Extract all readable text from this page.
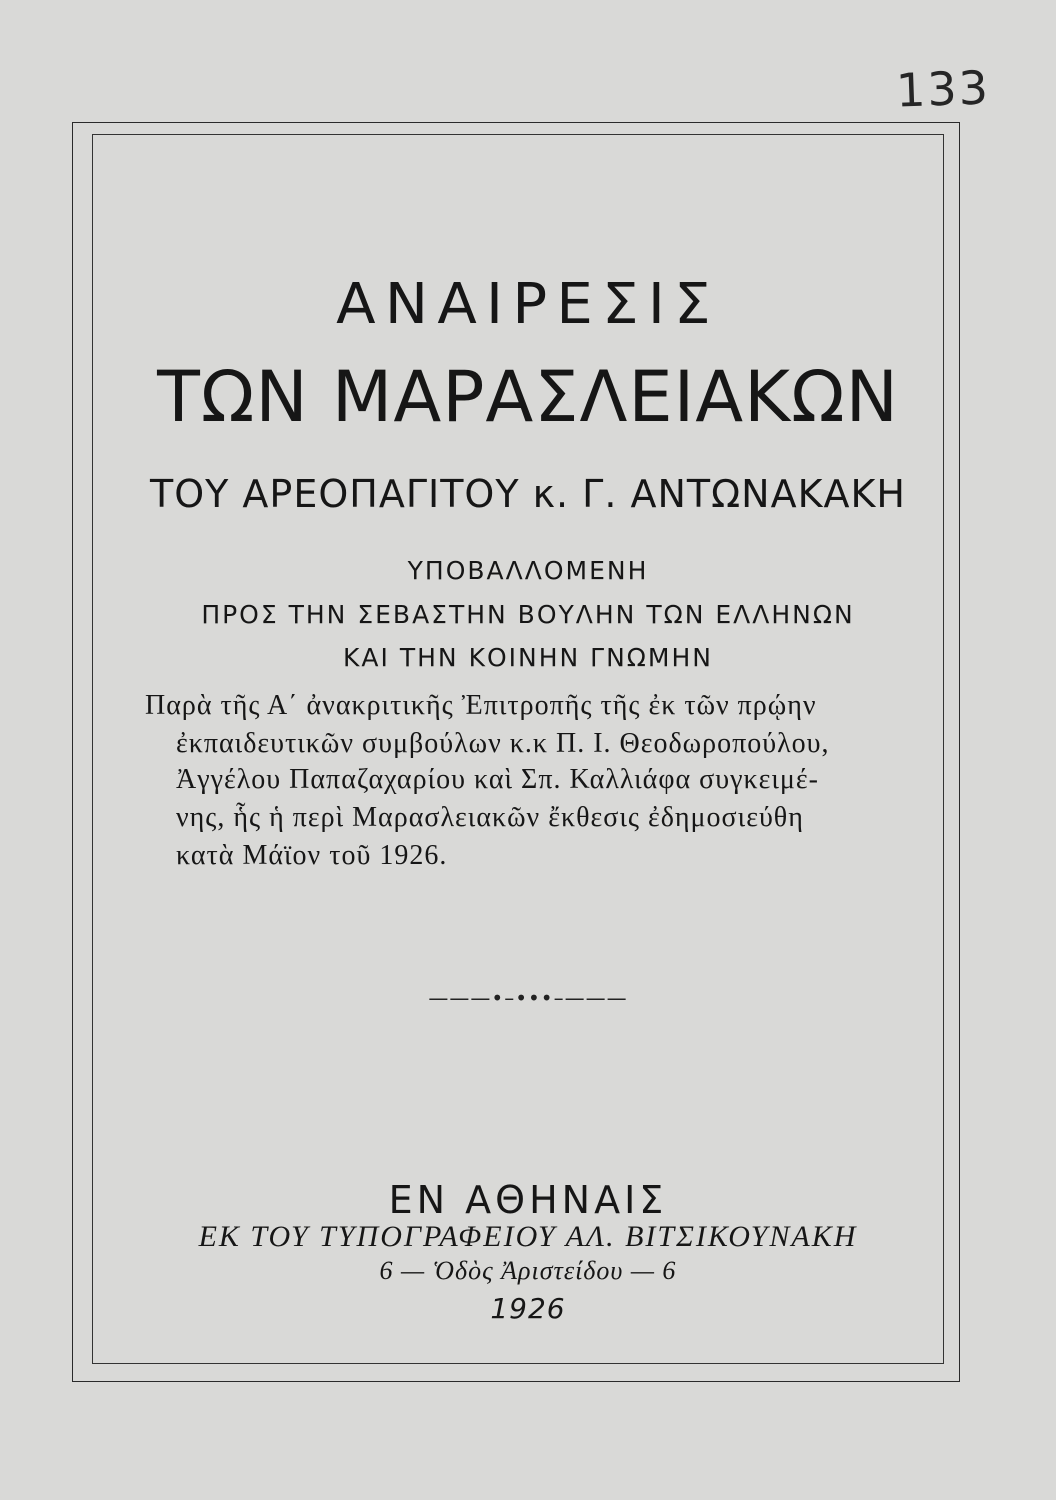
133
ΑΝΑΙΡΕΣΙΣ
ΤΩΝ ΜΑΡΑΣΛΕΙΑΚΩΝ
ΤΟΥ ΑΡΕΟΠΑΓΙΤΟΥ κ. Γ. ΑΝΤΩΝΑΚΑΚΗ
ΥΠΟΒΑΛΛΟΜΕΝΗ
ΠΡΟΣ ΤΗΝ ΣΕΒΑΣΤΗΝ ΒΟΥΛΗΝ ΤΩΝ ΕΛΛΗΝΩΝ
ΚΑΙ ΤΗΝ ΚΟΙΝΗΝ ΓΝΩΜΗΝ
Παρὰ τῆς Α΄ ἀνακριτικῆς Ἐπιτροπῆς τῆς ἐκ τῶν πρῴην
ἐκπαιδευτικῶν συμβούλων κ.κ Π. Ι. Θεοδωροπούλου,
Ἀγγέλου Παπαζαχαρίου καὶ Σπ. Καλλιάφα συγκειμέ-
νης, ἧς ἡ περὶ Μαρασλειακῶν ἔκθεσις ἐδημοσιεύθη
κατὰ Μάϊον τοῦ 1926.
———•–•••–———
ΕΝ ΑΘΗΝΑΙΣ
ΕΚ ΤΟΥ ΤΥΠΟΓΡΑΦΕΙΟΥ ΑΛ. ΒΙΤΣΙΚΟΥΝΑΚΗ
6 — Ὁδὸς Ἀριστείδου — 6
1926
